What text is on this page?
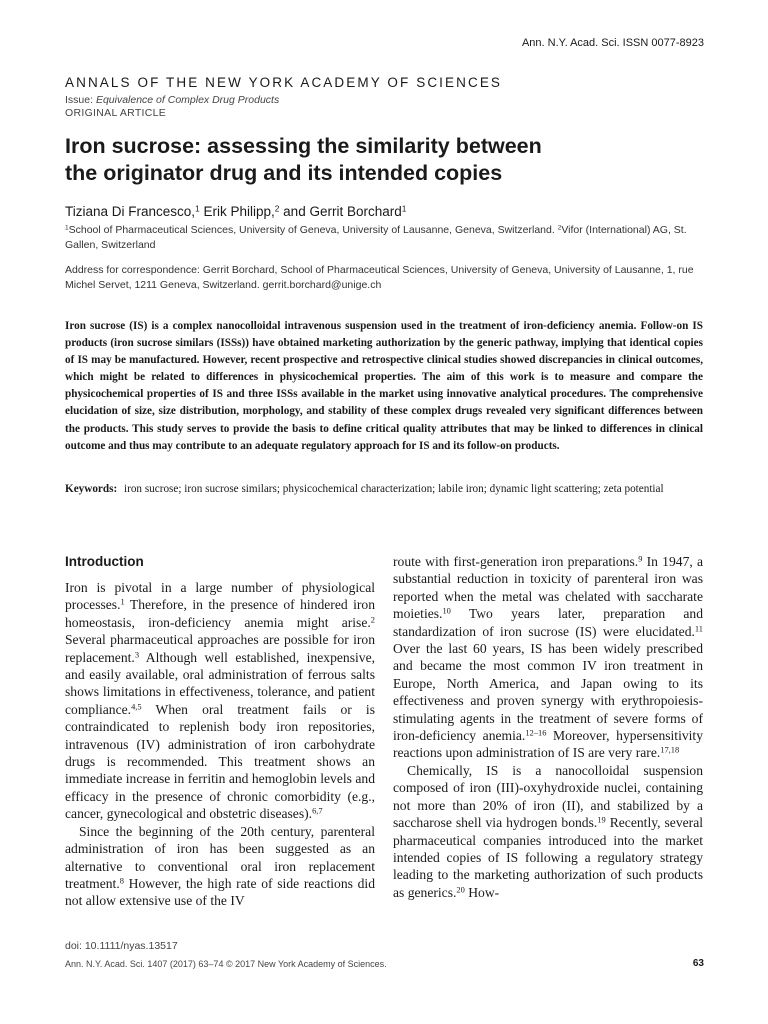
Ann. N.Y. Acad. Sci. ISSN 0077-8923
ANNALS OF THE NEW YORK ACADEMY OF SCIENCES
Issue: Equivalence of Complex Drug Products
ORIGINAL ARTICLE
Iron sucrose: assessing the similarity between
the originator drug and its intended copies
Tiziana Di Francesco,$^1$ Erik Philipp,$^2$ and Gerrit Borchard$^1$
$^1$School of Pharmaceutical Sciences, University of Geneva, University of Lausanne, Geneva, Switzerland. $^2$Vifor (International) AG, St. Gallen, Switzerland
Address for correspondence: Gerrit Borchard, School of Pharmaceutical Sciences, University of Geneva, University of Lausanne, 1, rue Michel Servet, 1211 Geneva, Switzerland. gerrit.borchard@unige.ch

Iron sucrose (IS) is a complex nanocolloidal intravenous suspension used in the treatment of iron-deficiency anemia. Follow-on IS products (iron sucrose similars (ISSs)) have obtained marketing authorization by the generic pathway, implying that identical copies of IS may be manufactured. However, recent prospective and retrospective clinical studies showed discrepancies in clinical outcomes, which might be related to differences in physicochemical properties. The aim of this work is to measure and compare the physicochemical properties of IS and three ISSs available in the market using innovative analytical procedures. The comprehensive elucidation of size, size distribution, morphology, and stability of these complex drugs revealed very significant differences between the products. This study serves to provide the basis to define critical quality attributes that may be linked to differences in clinical outcome and thus may contribute to an adequate regulatory approach for IS and its follow-on products.

Keywords: iron sucrose; iron sucrose similars; physicochemical characterization; labile iron; dynamic light scattering; zeta potential

Introduction

Iron is pivotal in a large number of physiological processes.$^1$ Therefore, in the presence of hindered iron homeostasis, iron-deficiency anemia might arise.$^2$ Several pharmaceutical approaches are possible for iron replacement.$^3$ Although well established, inexpensive, and easily available, oral administration of ferrous salts shows limitations in effectiveness, tolerance, and patient compliance.$^{4,5}$ When oral treatment fails or is contraindicated to replenish body iron repositories, intravenous (IV) administration of iron carbohydrate drugs is recommended. This treatment shows an immediate increase in ferritin and hemoglobin levels and efficacy in the presence of chronic comorbidity (e.g., cancer, gynecological and obstetric diseases).$^{6,7}$

Since the beginning of the 20th century, parenteral administration of iron has been suggested as an alternative to conventional oral iron replacement treatment.$^8$ However, the high rate of side reactions did not allow extensive use of the IV

route with first-generation iron preparations.$^9$ In 1947, a substantial reduction in toxicity of parenteral iron was reported when the metal was chelated with saccharate moieties.$^{10}$ Two years later, preparation and standardization of iron sucrose (IS) were elucidated.$^{11}$ Over the last 60 years, IS has been widely prescribed and became the most common IV iron treatment in Europe, North America, and Japan owing to its effectiveness and proven synergy with erythropoiesis-stimulating agents in the treatment of severe forms of iron-deficiency anemia.$^{12-16}$ Moreover, hypersensitivity reactions upon administration of IS are very rare.$^{17,18}$

Chemically, IS is a nanocolloidal suspension composed of iron (III)-oxyhydroxide nuclei, containing not more than 20% of iron (II), and stabilized by a saccharose shell via hydrogen bonds.$^{19}$ Recently, several pharmaceutical companies introduced into the market intended copies of IS following a regulatory strategy leading to the marketing authorization of such products as generics.$^{20}$ How-

doi: 10.1111/nyas.13517
Ann. N.Y. Acad. Sci. 1407 (2017) 63–74 © 2017 New York Academy of Sciences.	63
